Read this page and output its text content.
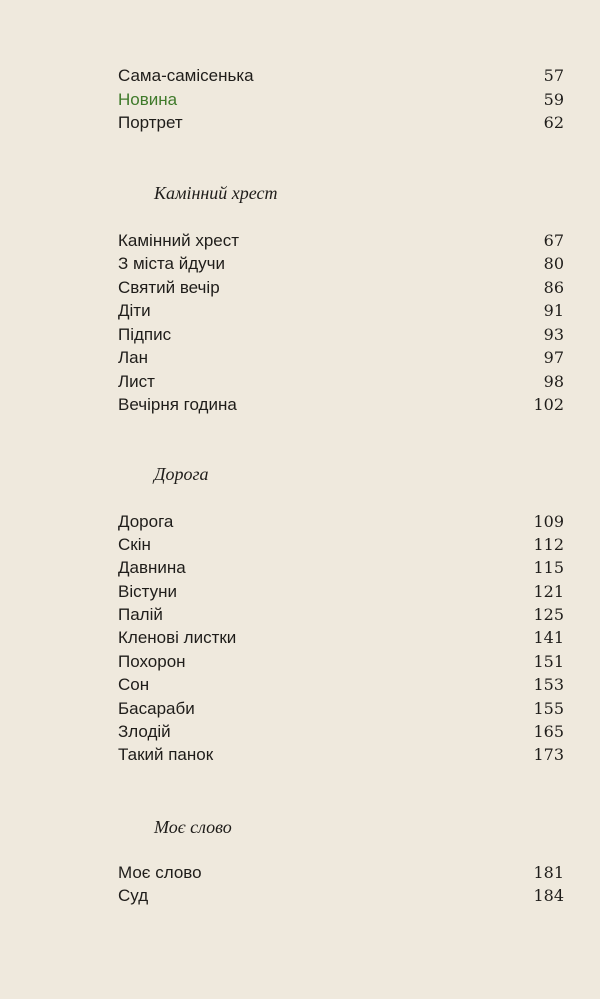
Сама-самісенька	57
Новина	59
Портрет	62
Камінний хрест
Камінний хрест	67
З міста йдучи	80
Святий вечір	86
Діти	91
Підпис	93
Лан	97
Лист	98
Вечірня година	102
Дорога
Дорога	109
Скін	112
Давнина	115
Вістуни	121
Палій	125
Кленові листки	141
Похорон	151
Сон	153
Басараби	155
Злодій	165
Такий панок	173
Моє слово
Моє слово	181
Суд	184
